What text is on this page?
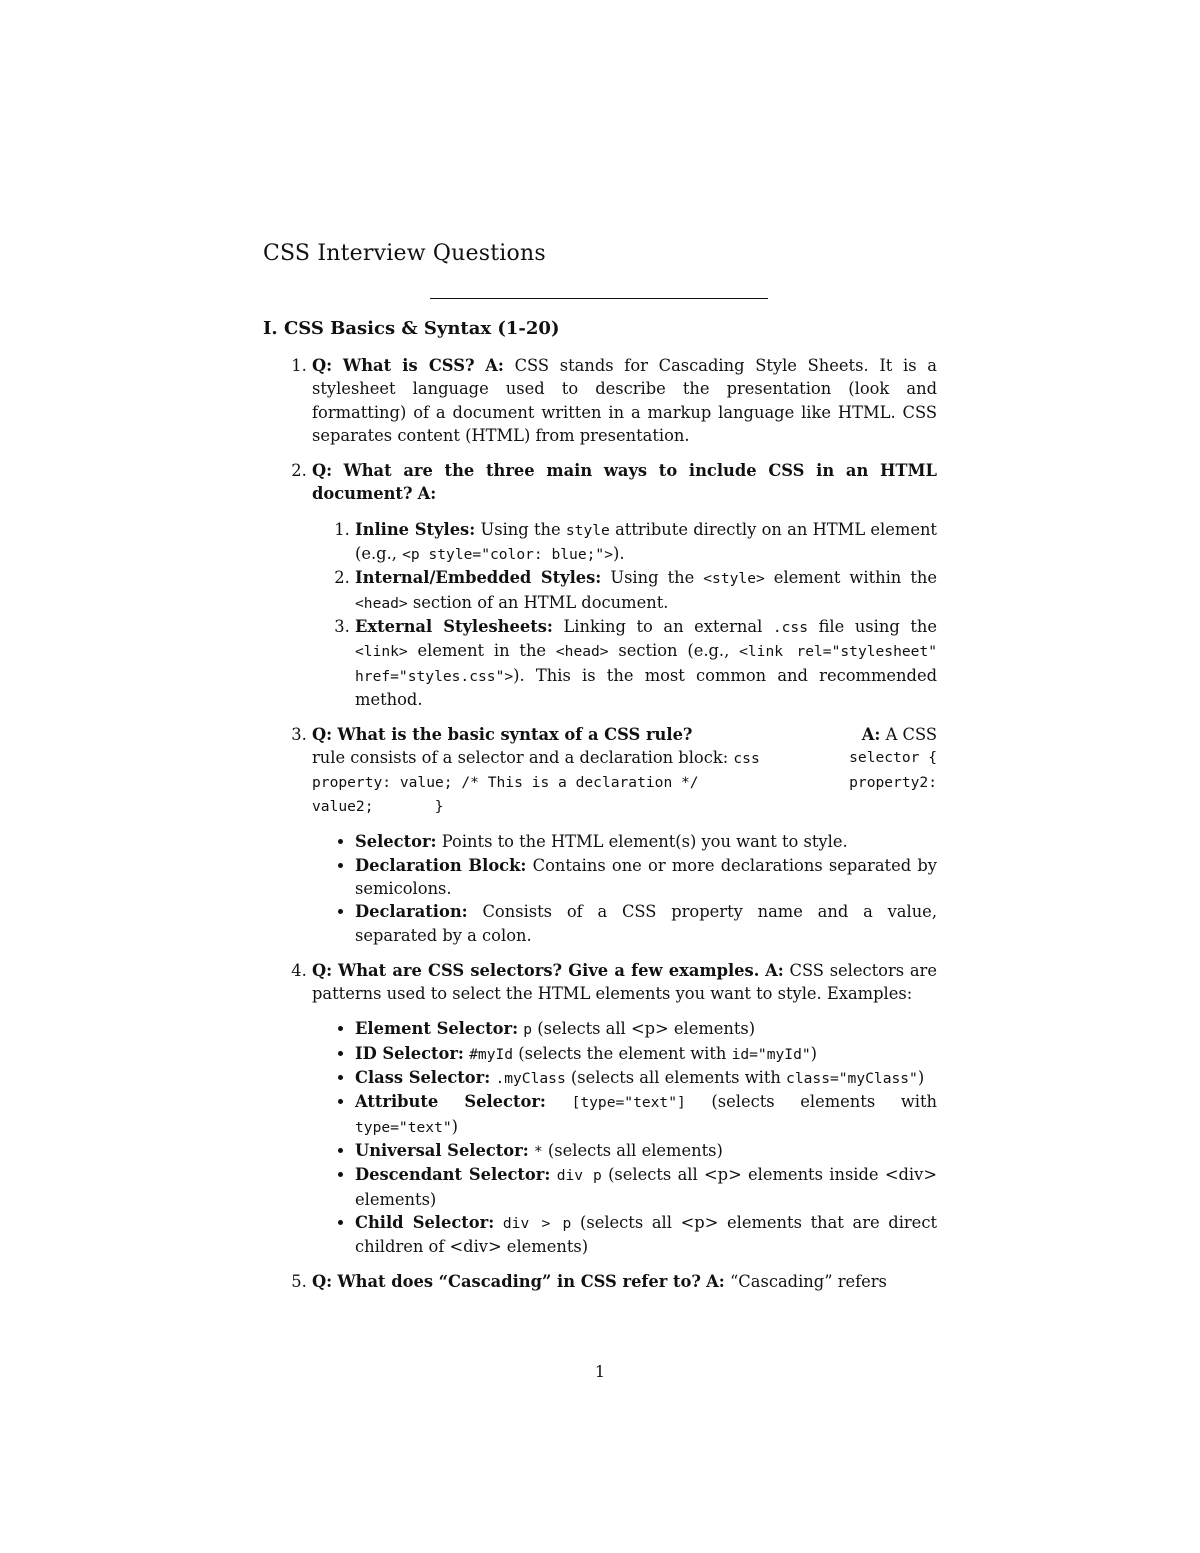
CSS Interview Questions
I. CSS Basics & Syntax (1-20)
1. Q: What is CSS? A: CSS stands for Cascading Style Sheets. It is a stylesheet language used to describe the presentation (look and formatting) of a document written in a markup language like HTML. CSS separates content (HTML) from presentation.
2. Q: What are the three main ways to include CSS in an HTML document? A:
1. Inline Styles: Using the style attribute directly on an HTML element (e.g., <p style="color: blue;">).
2. Internal/Embedded Styles: Using the <style> element within the <head> section of an HTML document.
3. External Stylesheets: Linking to an external .css file using the <link> element in the <head> section (e.g., <link rel="stylesheet" href="styles.css">). This is the most common and recommended method.
3. Q: What is the basic syntax of a CSS rule?	A: A CSS
rule consists of a selector and a declaration block: css	selector {
property: value; /* This is a declaration */	property2:
value2;	}
• Selector: Points to the HTML element(s) you want to style.
• Declaration Block: Contains one or more declarations separated by semicolons.
• Declaration: Consists of a CSS property name and a value, separated by a colon.
4. Q: What are CSS selectors? Give a few examples. A: CSS selectors are patterns used to select the HTML elements you want to style. Examples:
• Element Selector: p (selects all <p> elements)
• ID Selector: #myId (selects the element with id="myId")
• Class Selector: .myClass (selects all elements with class="myClass")
• Attribute Selector: [type="text"] (selects elements with type="text")
• Universal Selector: * (selects all elements)
• Descendant Selector: div p (selects all <p> elements inside <div> elements)
• Child Selector: div > p (selects all <p> elements that are direct children of <div> elements)
5. Q: What does “Cascading” in CSS refer to? A: “Cascading” refers
1
